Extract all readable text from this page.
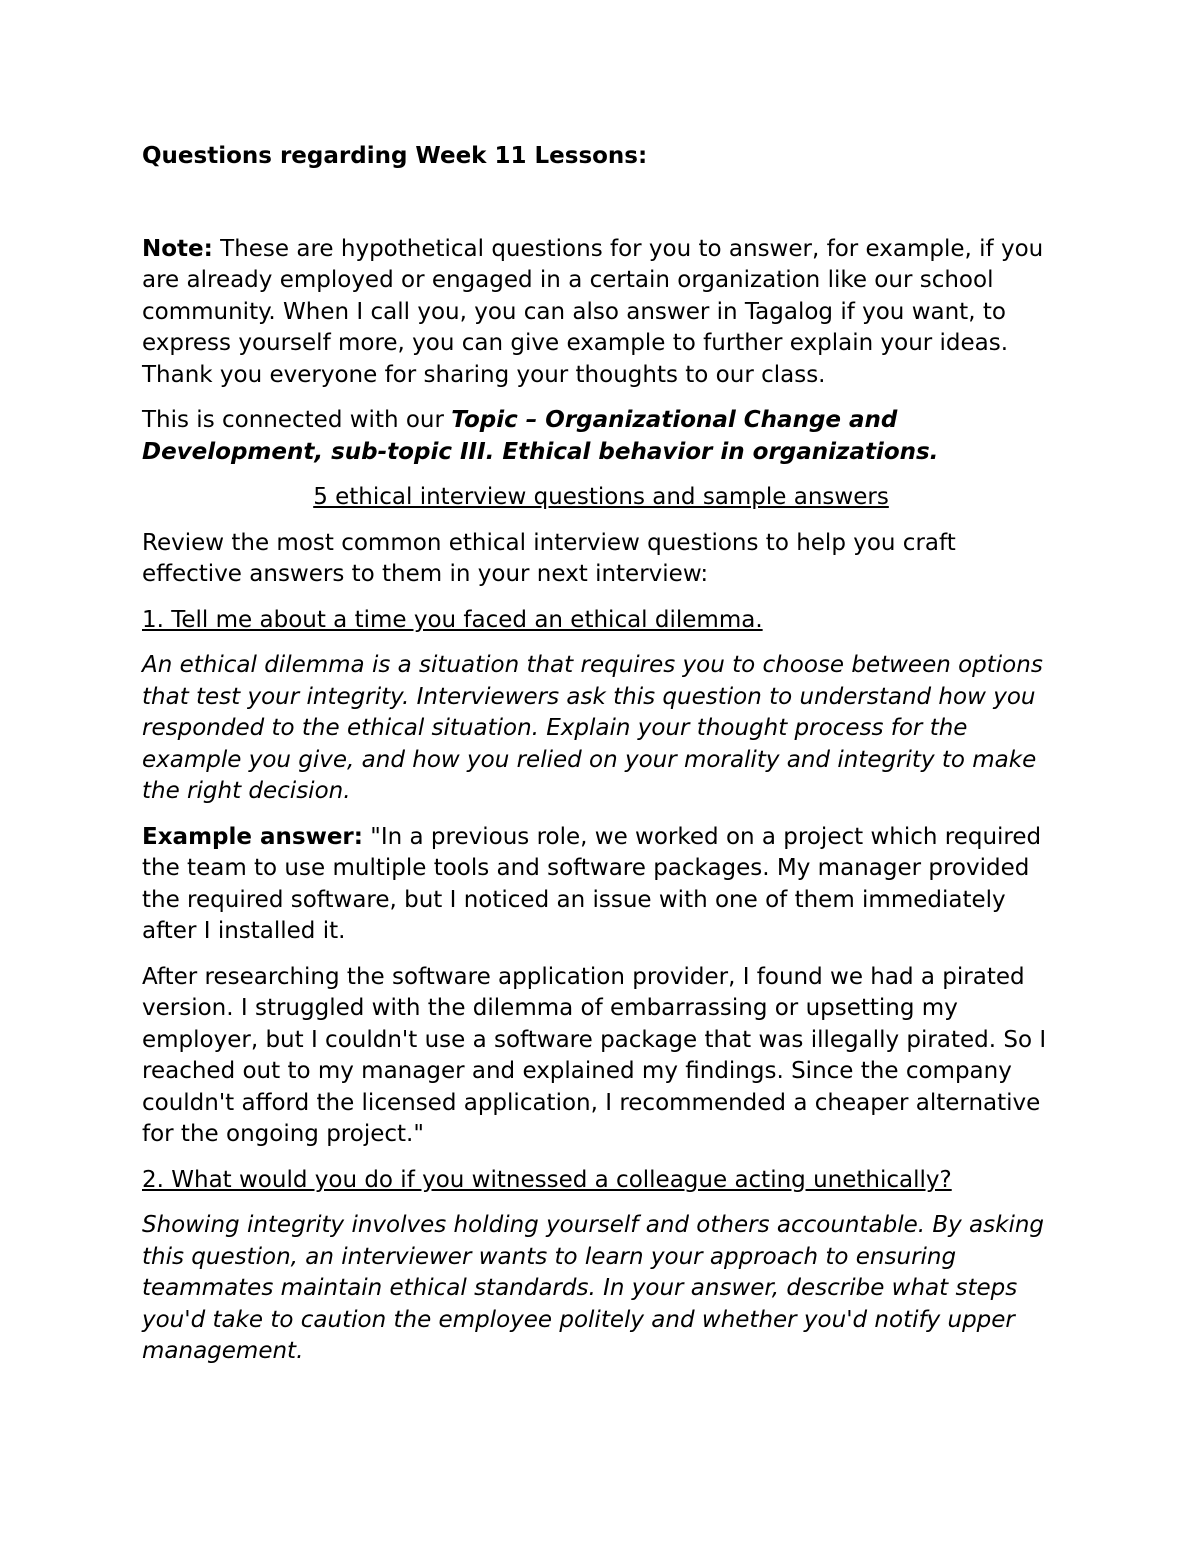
Questions regarding Week 11 Lessons:

Note: These are hypothetical questions for you to answer, for example, if you are already employed or engaged in a certain organization like our school community. When I call you, you can also answer in Tagalog if you want, to express yourself more, you can give example to further explain your ideas. Thank you everyone for sharing your thoughts to our class.

This is connected with our Topic – Organizational Change and Development, sub-topic III. Ethical behavior in organizations.

5 ethical interview questions and sample answers

Review the most common ethical interview questions to help you craft effective answers to them in your next interview:

1. Tell me about a time you faced an ethical dilemma.

An ethical dilemma is a situation that requires you to choose between options that test your integrity. Interviewers ask this question to understand how you responded to the ethical situation. Explain your thought process for the example you give, and how you relied on your morality and integrity to make the right decision.

Example answer: "In a previous role, we worked on a project which required the team to use multiple tools and software packages. My manager provided the required software, but I noticed an issue with one of them immediately after I installed it.

After researching the software application provider, I found we had a pirated version. I struggled with the dilemma of embarrassing or upsetting my employer, but I couldn't use a software package that was illegally pirated. So I reached out to my manager and explained my findings. Since the company couldn't afford the licensed application, I recommended a cheaper alternative for the ongoing project."

2. What would you do if you witnessed a colleague acting unethically?

Showing integrity involves holding yourself and others accountable. By asking this question, an interviewer wants to learn your approach to ensuring teammates maintain ethical standards. In your answer, describe what steps you'd take to caution the employee politely and whether you'd notify upper management.
